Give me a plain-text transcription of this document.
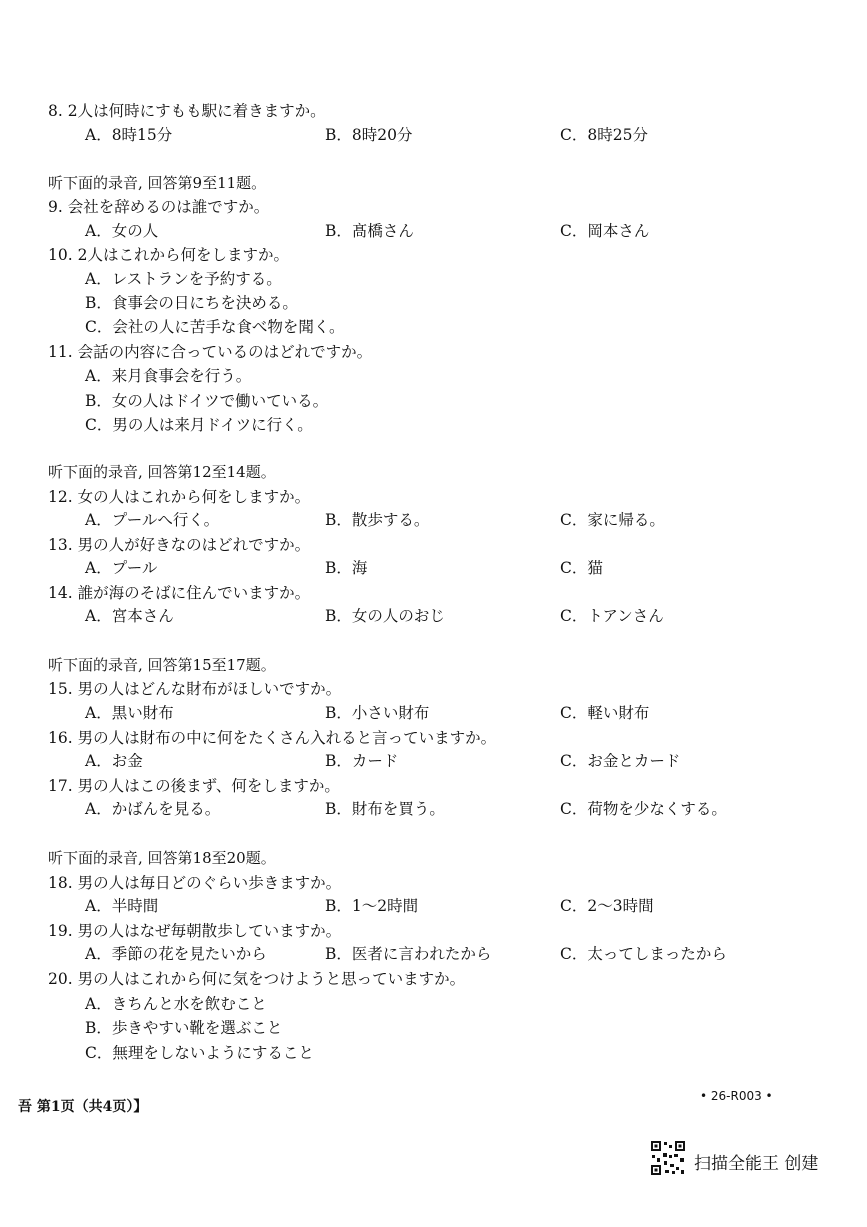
8. 2人は何時にすもも駅に着きますか。
A．8時15分	B．8時20分	C．8時25分
听下面的录音, 回答第9至11题。
9. 会社を辞めるのは誰ですか。
A．女の人	B．髙橋さん	C．岡本さん
10. 2人はこれから何をしますか。
A．レストランを予約する。
B．食事会の日にちを決める。
C．会社の人に苦手な食べ物を聞く。
11. 会話の内容に合っているのはどれですか。
A．来月食事会を行う。
B．女の人はドイツで働いている。
C．男の人は来月ドイツに行く。
听下面的录音, 回答第12至14题。
12. 女の人はこれから何をしますか。
A．プールへ行く。	B．散歩する。	C．家に帰る。
13. 男の人が好きなのはどれですか。
A．プール	B．海	C．猫
14. 誰が海のそばに住んでいますか。
A．宮本さん	B．女の人のおじ	C．トアンさん
听下面的录音, 回答第15至17题。
15. 男の人はどんな財布がほしいですか。
A．黒い財布	B．小さい財布	C．軽い財布
16. 男の人は財布の中に何をたくさん入れると言っていますか。
A．お金	B．カード	C．お金とカード
17. 男の人はこの後まず、何をしますか。
A．かばんを見る。	B．財布を買う。	C．荷物を少なくする。
听下面的录音, 回答第18至20题。
18. 男の人は毎日どのぐらい歩きますか。
A．半時間	B．1～2時間	C．2～3時間
19. 男の人はなぜ毎朝散歩していますか。
A．季節の花を見たいから	B．医者に言われたから	C．太ってしまったから
20. 男の人はこれから何に気をつけようと思っていますか。
A．きちんと水を飲むこと
B．歩きやすい靴を選ぶこと
C．無理をしないようにすること
吾 第1页（共4页）】
• 26-R003 •
扫描全能王 创建
